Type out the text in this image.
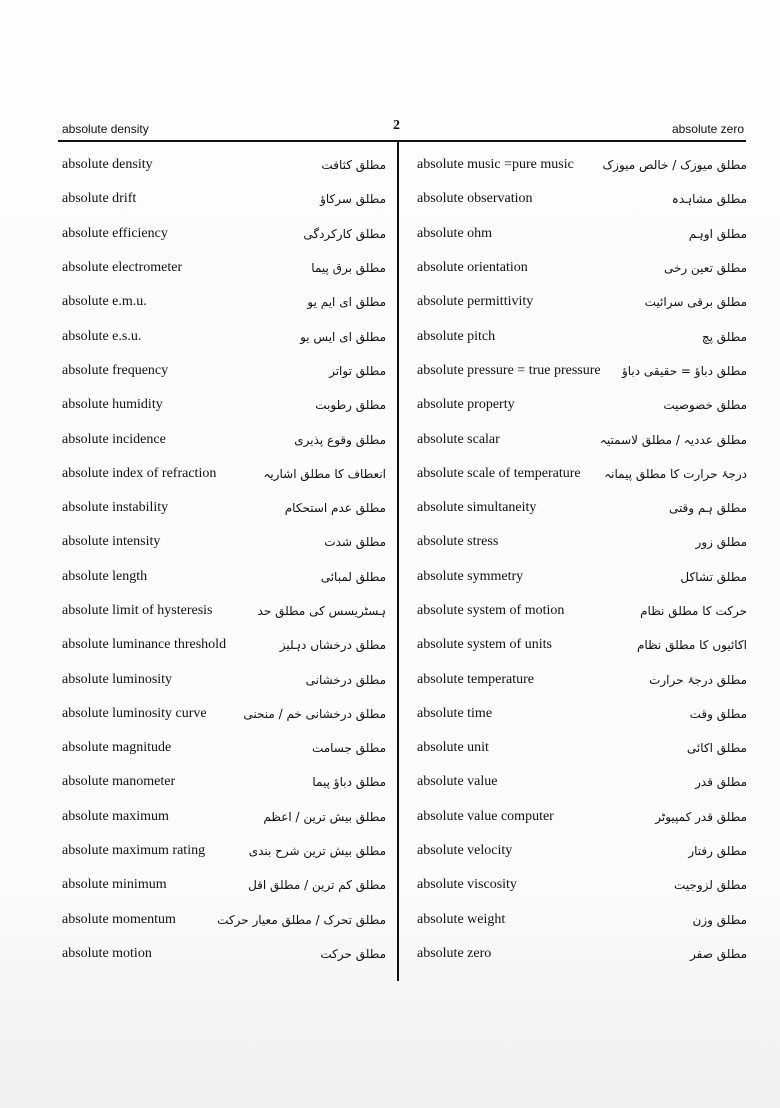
absolute density	2	absolute zero
absolute density	مطلق کثافت
absolute drift	مطلق سرکاؤ
absolute efficiency	مطلق کارکردگی
absolute electrometer	مطلق برق پیما
absolute e.m.u.	مطلق ای ایم یو
absolute e.s.u.	مطلق ای ایس یو
absolute frequency	مطلق تواتر
absolute humidity	مطلق رطوبت
absolute incidence	مطلق وقوع پذیری
absolute index of refraction	انعطاف کا مطلق اشاریہ
absolute instability	مطلق عدم استحکام
absolute intensity	مطلق شدت
absolute length	مطلق لمبائی
absolute limit of hysteresis	ہسٹریسس کی مطلق حد
absolute luminance threshold	مطلق درخشاں دہلیز
absolute luminosity	مطلق درخشانی
absolute luminosity curve	مطلق درخشانی خم / منحنی
absolute magnitude	مطلق جسامت
absolute manometer	مطلق دباؤ پیما
absolute maximum	مطلق بیش ترین / اعظم
absolute maximum rating	مطلق بیش ترین شرح بندی
absolute minimum	مطلق کم ترین / مطلق اقل
absolute momentum	مطلق تحرک / مطلق معیار حرکت
absolute motion	مطلق حرکت
absolute music =pure music مطلق میوزک / خالص میوزک
absolute observation	مطلق مشاہدہ
absolute ohm	مطلق اوہم
absolute orientation	مطلق تعین رخی
absolute permittivity	مطلق برقی سرائیت
absolute pitch	مطلق پچ
absolute pressure = true pressure مطلق دباؤ = حقیقی دباؤ
absolute property	مطلق خصوصیت
absolute scalar	مطلق عددیہ / مطلق لاسمتیہ
absolute scale of temperature درجۂ حرارت کا مطلق پیمانہ
absolute simultaneity	مطلق ہم وقتی
absolute stress	مطلق زور
absolute symmetry	مطلق تشاکل
absolute system of motion	حرکت کا مطلق نظام
absolute system of units	اکائیوں کا مطلق نظام
absolute temperature	مطلق درجۂ حرارت
absolute time	مطلق وقت
absolute unit	مطلق اکائی
absolute value	مطلق قدر
absolute value computer	مطلق قدر کمپیوٹر
absolute velocity	مطلق رفتار
absolute viscosity	مطلق لزوجیت
absolute weight	مطلق وزن
absolute zero	مطلق صفر
